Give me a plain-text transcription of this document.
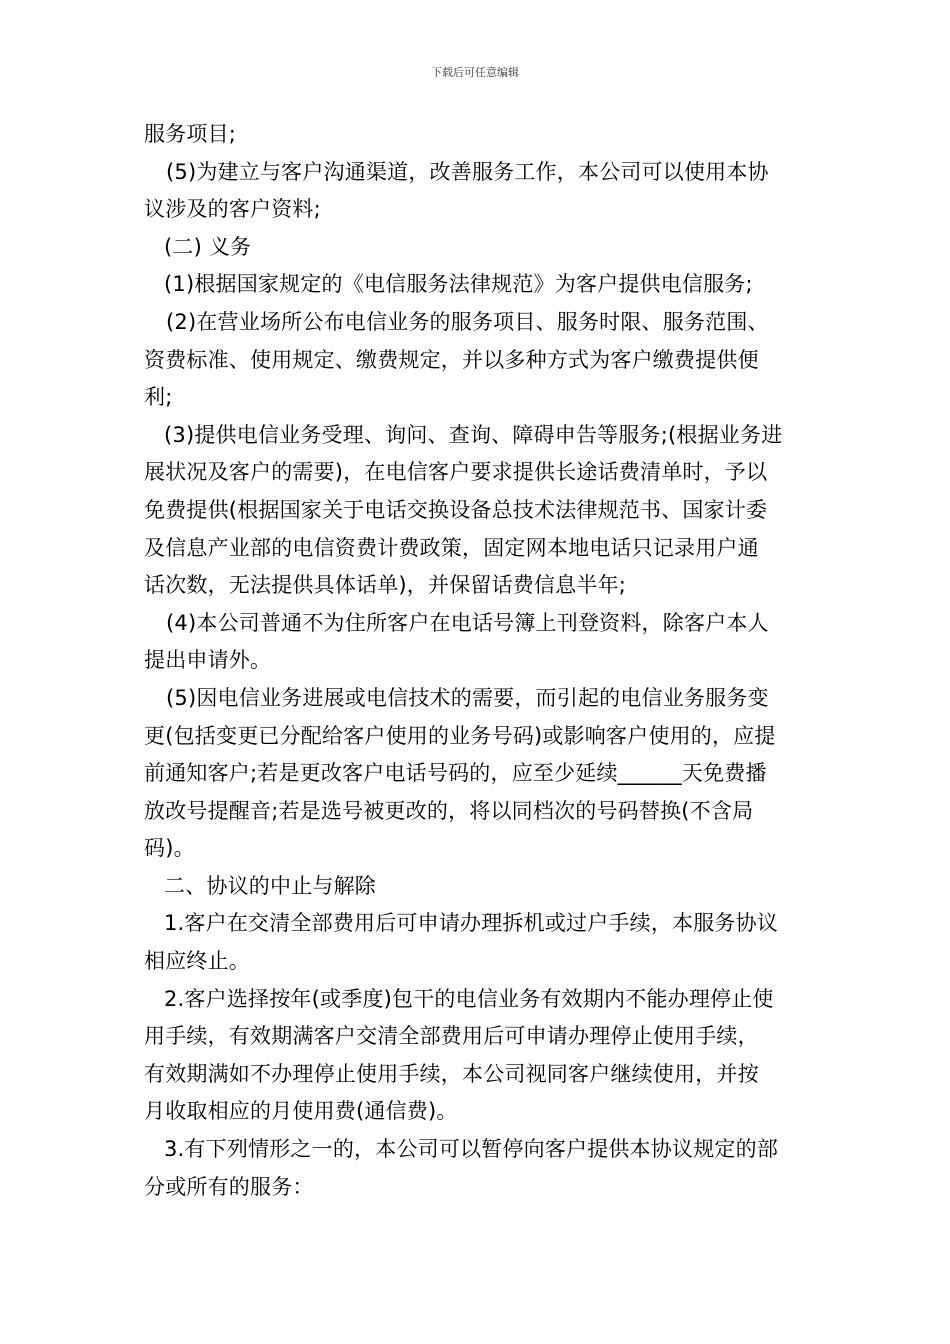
下载后可任意编辑
服务项目;
(5)为建立与客户沟通渠道，改善服务工作，本公司可以使用本协
议涉及的客户资料;
(二) 义务
(1)根据国家规定的《电信服务法律规范》为客户提供电信服务;
(2)在营业场所公布电信业务的服务项目、服务时限、服务范围、
资费标准、使用规定、缴费规定，并以多种方式为客户缴费提供便
利;
(3)提供电信业务受理、询问、查询、障碍申告等服务;(根据业务进
展状况及客户的需要)，在电信客户要求提供长途话费清单时，予以
免费提供(根据国家关于电话交换设备总技术法律规范书、国家计委
及信息产业部的电信资费计费政策，固定网本地电话只记录用户通
话次数，无法提供具体话单)，并保留话费信息半年;
(4)本公司普通不为住所客户在电话号簿上刊登资料，除客户本人
提出申请外。
(5)因电信业务进展或电信技术的需要，而引起的电信业务服务变
更(包括变更已分配给客户使用的业务号码)或影响客户使用的，应提
前通知客户;若是更改客户电话号码的，应至少延续______天免费播
放改号提醒音;若是选号被更改的，将以同档次的号码替换(不含局
码)。
二、协议的中止与解除
1.客户在交清全部费用后可申请办理拆机或过户手续，本服务协议
相应终止。
2.客户选择按年(或季度)包干的电信业务有效期内不能办理停止使
用手续，有效期满客户交清全部费用后可申请办理停止使用手续，
有效期满如不办理停止使用手续，本公司视同客户继续使用，并按
月收取相应的月使用费(通信费)。
3.有下列情形之一的，本公司可以暂停向客户提供本协议规定的部
分或所有的服务：
